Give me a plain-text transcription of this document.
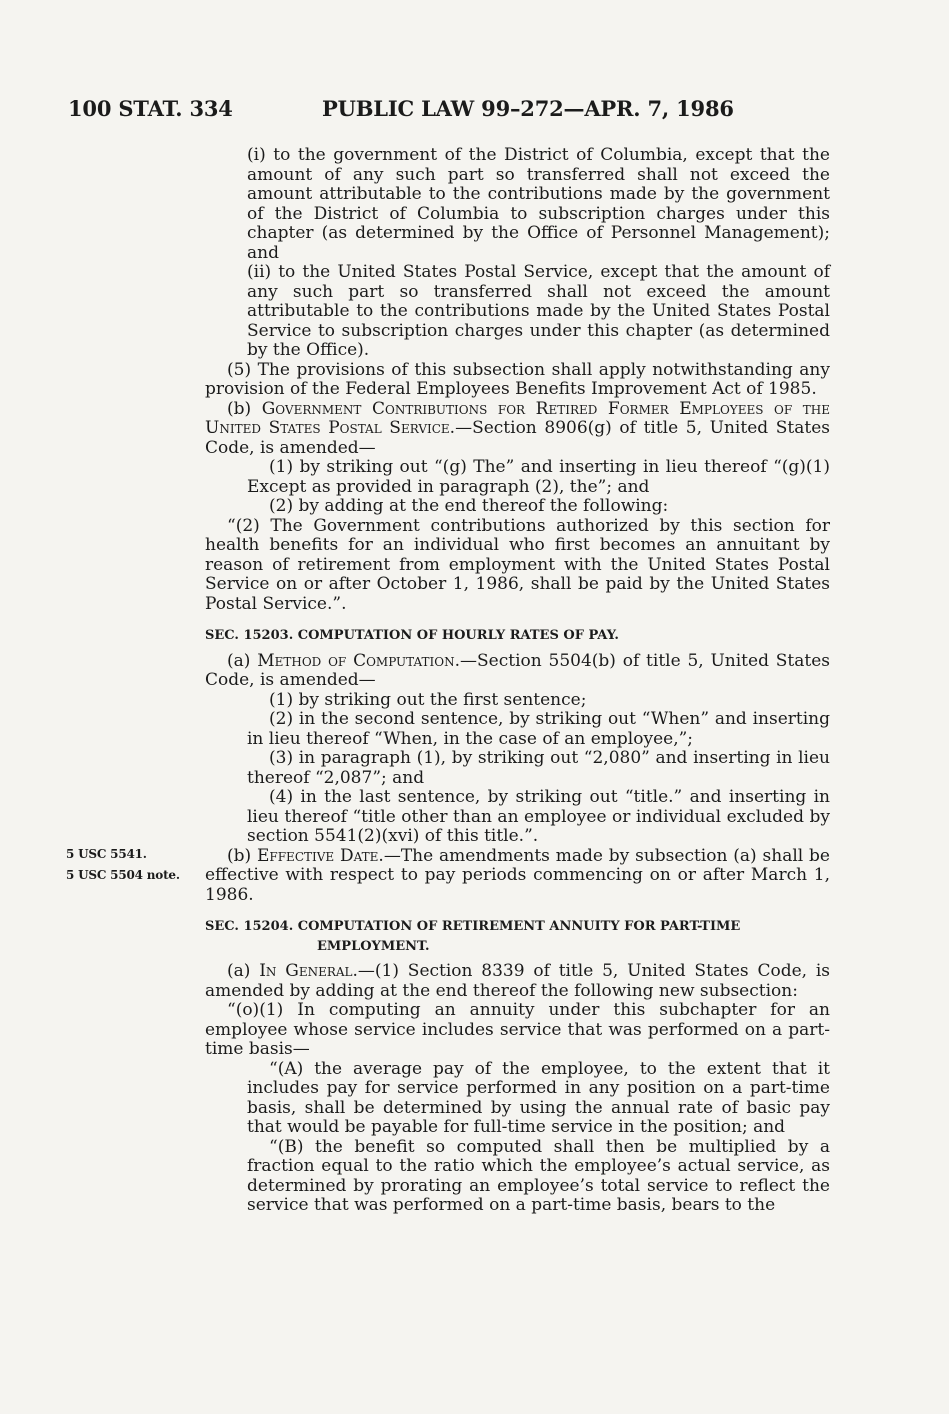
100 STAT. 334	PUBLIC LAW 99–272—APR. 7, 1986
5 USC 5541.
5 USC 5504 note.

(i) to the government of the District of Columbia, except that the amount of any such part so transferred shall not exceed the amount attributable to the contributions made by the government of the District of Columbia to subscription charges under this chapter (as determined by the Office of Personnel Management); and

(ii) to the United States Postal Service, except that the amount of any such part so transferred shall not exceed the amount attributable to the contributions made by the United States Postal Service to subscription charges under this chapter (as determined by the Office).

(5) The provisions of this subsection shall apply notwithstanding any provision of the Federal Employees Benefits Improvement Act of 1985.

(b) Government Contributions for Retired Former Employees of the United States Postal Service.—Section 8906(g) of title 5, United States Code, is amended—

(1) by striking out “(g) The” and inserting in lieu thereof “(g)(1) Except as provided in paragraph (2), the”; and

(2) by adding at the end thereof the following:

“(2) The Government contributions authorized by this section for health benefits for an individual who first becomes an annuitant by reason of retirement from employment with the United States Postal Service on or after October 1, 1986, shall be paid by the United States Postal Service.”.

SEC. 15203. COMPUTATION OF HOURLY RATES OF PAY.

(a) Method of Computation.—Section 5504(b) of title 5, United States Code, is amended—

(1) by striking out the first sentence;

(2) in the second sentence, by striking out “When” and inserting in lieu thereof “When, in the case of an employee,”;

(3) in paragraph (1), by striking out “2,080” and inserting in lieu thereof “2,087”; and

(4) in the last sentence, by striking out “title.” and inserting in lieu thereof “title other than an employee or individual excluded by section 5541(2)(xvi) of this title.”.

(b) Effective Date.—The amendments made by subsection (a) shall be effective with respect to pay periods commencing on or after March 1, 1986.

SEC. 15204. COMPUTATION OF RETIREMENT ANNUITY FOR PART-TIME EMPLOYMENT.

(a) In General.—(1) Section 8339 of title 5, United States Code, is amended by adding at the end thereof the following new subsection:

“(o)(1) In computing an annuity under this subchapter for an employee whose service includes service that was performed on a part-time basis—

“(A) the average pay of the employee, to the extent that it includes pay for service performed in any position on a part-time basis, shall be determined by using the annual rate of basic pay that would be payable for full-time service in the position; and

“(B) the benefit so computed shall then be multiplied by a fraction equal to the ratio which the employee’s actual service, as determined by prorating an employee’s total service to reflect the service that was performed on a part-time basis, bears to the
